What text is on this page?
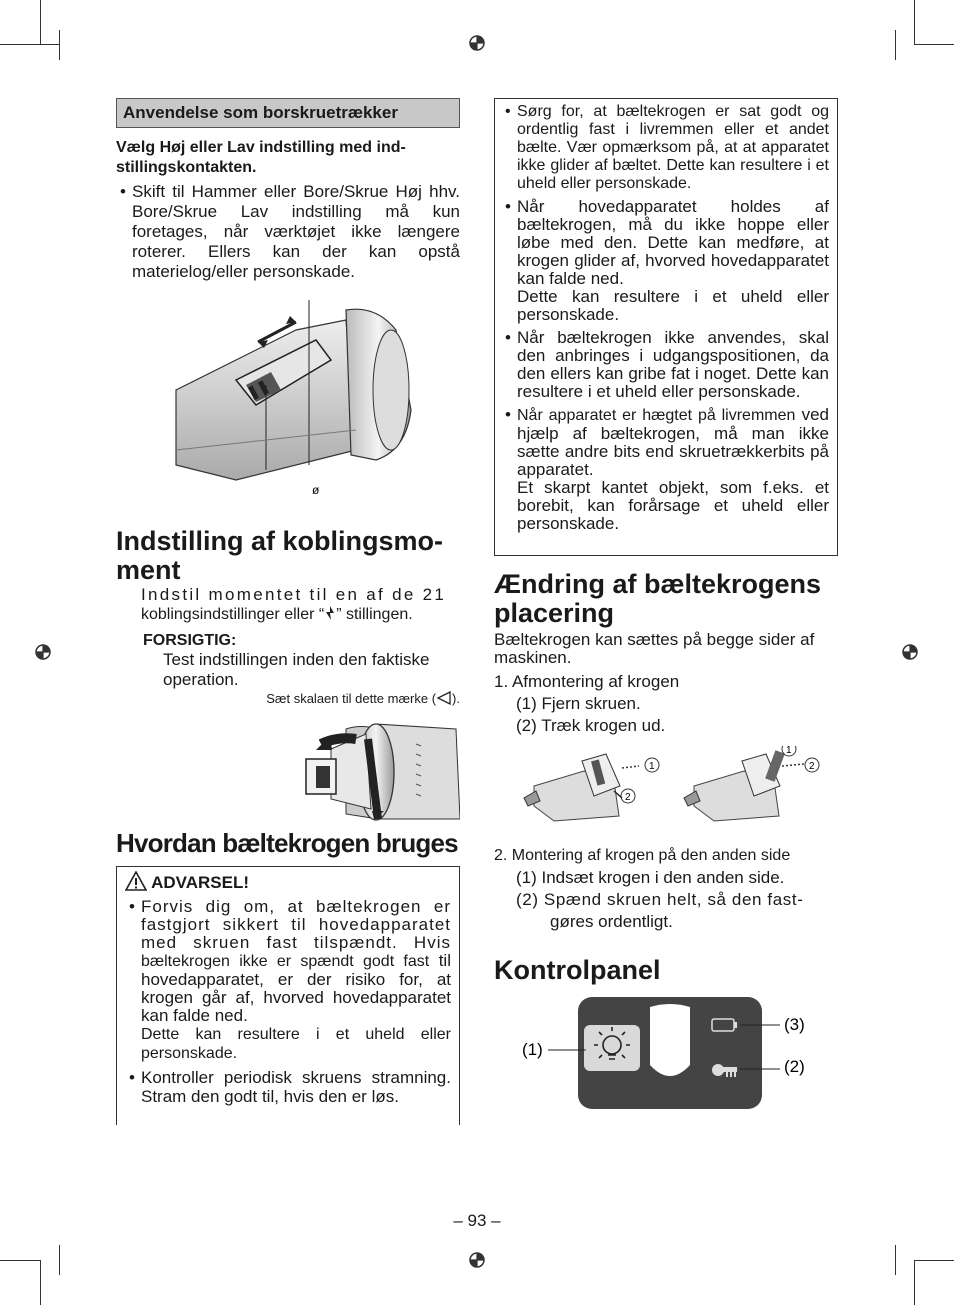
Anvendelse som borskruetrækker
Vælg Høj eller Lav indstilling med ind-stillingskontakten.
• Skift til Hammer eller Bore/Skrue Høj hhv. Bore/Skrue Lav indstilling må kun foretages, når værktøjet ikke længere roterer. Ellers kan der kan opstå materielog/eller personskade.
ø
Indstilling af koblingsmo-
ment
Indstil momentet til en af de 21
koblingsindstillinger eller “ ” stillingen.
FORSIGTIG:
Test indstillingen inden den faktiske operation.
Sæt skalaen til dette mærke ( ).
Hvordan bæltekrogen bruges
ADVARSEL!
• Forvis dig om, at bæltekrogen er fastgjort sikkert til hovedapparatet med skruen fast tilspændt. Hvis bæltekrogen ikke er spændt godt fast til hovedapparatet, er der risiko for, at krogen går af, hvorved hovedapparatet kan falde ned.
Dette kan resultere i et uheld eller personskade.
• Kontroller periodisk skruens stramning. Stram den godt til, hvis den er løs.
• Sørg for, at bæltekrogen er sat godt og ordentlig fast i livremmen eller et andet bælte. Vær opmærksom på, at at apparatet ikke glider af bæltet. Dette kan resultere i et uheld eller personskade.
• Når hovedapparatet holdes af bæltekrogen, må du ikke hoppe eller løbe med den. Dette kan medføre, at krogen glider af, hvorved hovedapparatet kan falde ned.
Dette kan resultere i et uheld eller personskade.
• Når bæltekrogen ikke anvendes, skal den anbringes i udgangspositionen, da den ellers kan gribe fat i noget. Dette kan resultere i et uheld eller personskade.
• Når apparatet er hægtet på livremmen ved hjælp af bæltekrogen, må man ikke sætte andre bits end skruetrækkerbits på apparatet.
Et skarpt kantet objekt, som f.eks. et borebit, kan forårsage et uheld eller personskade.
Ændring af bæltekrogens
placering
Bæltekrogen kan sættes på begge sider af maskinen.
1. Afmontering af krogen
(1) Fjern skruen.
(2) Træk krogen ud.
1
2
1
2
2. Montering af krogen på den anden side
(1) Indsæt krogen i den anden side.
(2) Spænd skruen helt, så den fast-
gøres ordentligt.
Kontrolpanel
(1)
(3)
(2)
– 93 –
